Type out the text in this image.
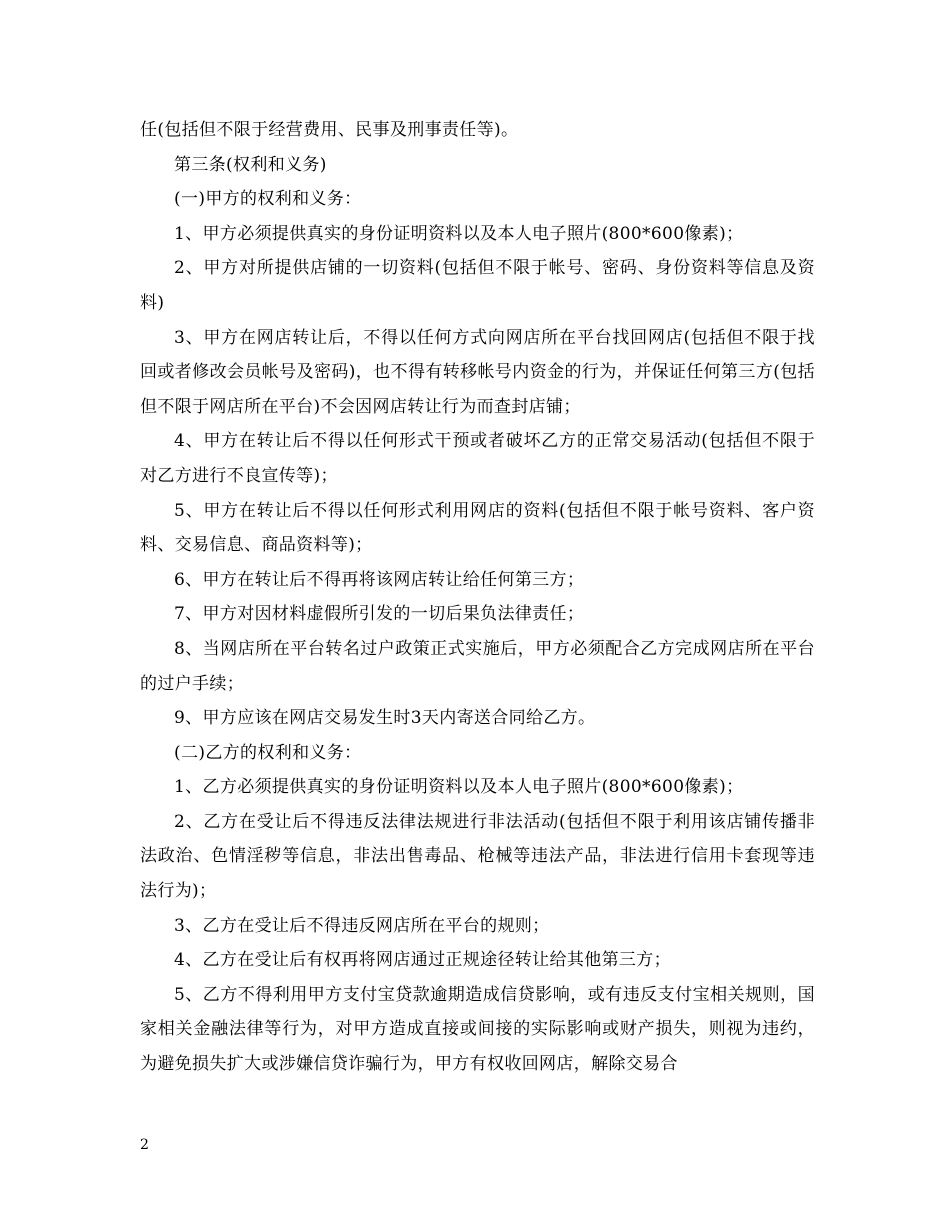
任(包括但不限于经营费用、民事及刑事责任等)。

第三条(权利和义务)

(一)甲方的权利和义务：

1、甲方必须提供真实的身份证明资料以及本人电子照片(800*600像素)；

2、甲方对所提供店铺的一切资料(包括但不限于帐号、密码、身份资料等信息及资料)

3、甲方在网店转让后，不得以任何方式向网店所在平台找回网店(包括但不限于找回或者修改会员帐号及密码)，也不得有转移帐号内资金的行为，并保证任何第三方(包括但不限于网店所在平台)不会因网店转让行为而查封店铺；

4、甲方在转让后不得以任何形式干预或者破坏乙方的正常交易活动(包括但不限于对乙方进行不良宣传等)；

5、甲方在转让后不得以任何形式利用网店的资料(包括但不限于帐号资料、客户资料、交易信息、商品资料等)；

6、甲方在转让后不得再将该网店转让给任何第三方；

7、甲方对因材料虚假所引发的一切后果负法律责任；

8、当网店所在平台转名过户政策正式实施后，甲方必须配合乙方完成网店所在平台的过户手续；

9、甲方应该在网店交易发生时3天内寄送合同给乙方。

(二)乙方的权利和义务：

1、乙方必须提供真实的身份证明资料以及本人电子照片(800*600像素)；

2、乙方在受让后不得违反法律法规进行非法活动(包括但不限于利用该店铺传播非法政治、色情淫秽等信息，非法出售毒品、枪械等违法产品，非法进行信用卡套现等违法行为)；

3、乙方在受让后不得违反网店所在平台的规则；

4、乙方在受让后有权再将网店通过正规途径转让给其他第三方；

5、乙方不得利用甲方支付宝贷款逾期造成信贷影响，或有违反支付宝相关规则，国家相关金融法律等行为，对甲方造成直接或间接的实际影响或财产损失，则视为违约，为避免损失扩大或涉嫌信贷诈骗行为，甲方有权收回网店，解除交易合

2
